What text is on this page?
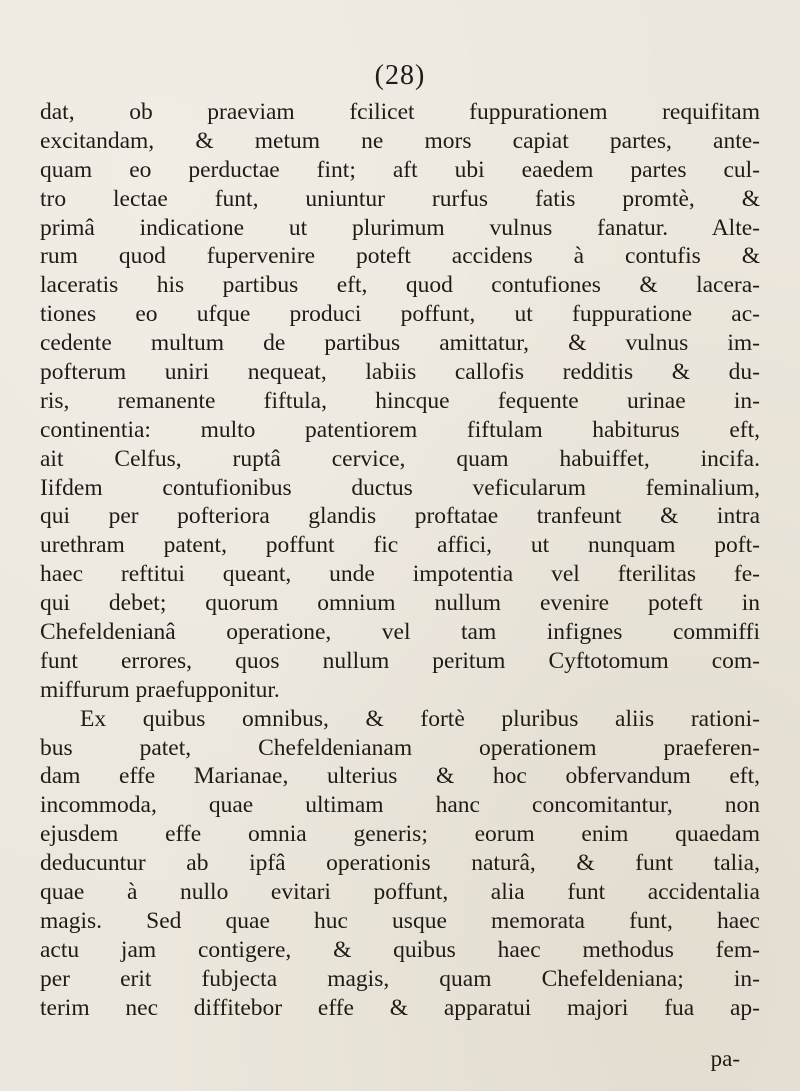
(28)
dat, ob praeviam fcilicet fuppurationem requifitam
excitandam, & metum ne mors capiat partes, ante-
quam eo perductae fint; aft ubi eaedem partes cul-
tro lectae funt, uniuntur rurfus fatis promtè, &
primâ indicatione ut plurimum vulnus fanatur. Alte-
rum quod fupervenire poteft accidens à contufis &
laceratis his partibus eft, quod contufiones & lacera-
tiones eo ufque produci poffunt, ut fuppuratione ac-
cedente multum de partibus amittatur, & vulnus im-
pofterum uniri nequeat, labiis callofis redditis & du-
ris, remanente fiftula, hincque fequente urinae in-
continentia: multo patentiorem fiftulam habiturus eft,
ait Celfus, ruptâ cervice, quam habuiffet, incifa.
Iifdem contufionibus ductus veficularum feminalium,
qui per pofteriora glandis proftatae tranfeunt & intra
urethram patent, poffunt fic affici, ut nunquam poft-
haec reftitui queant, unde impotentia vel fterilitas fe-
qui debet; quorum omnium nullum evenire poteft in
Chefeldenianâ operatione, vel tam infignes commiffi
funt errores, quos nullum peritum Cyftotomum com-
miffurum praefupponitur.
Ex quibus omnibus, & fortè pluribus aliis rationi-
bus patet, Chefeldenianam operationem praeferen-
dam effe Marianae, ulterius & hoc obfervandum eft,
incommoda, quae ultimam hanc concomitantur, non
ejusdem effe omnia generis; eorum enim quaedam
deducuntur ab ipfâ operationis naturâ, & funt talia,
quae à nullo evitari poffunt, alia funt accidentalia
magis. Sed quae huc usque memorata funt, haec
actu jam contigere, & quibus haec methodus fem-
per erit fubjecta magis, quam Chefeldeniana; in-
terim nec diffitebor effe & apparatui majori fua ap-
pa-
